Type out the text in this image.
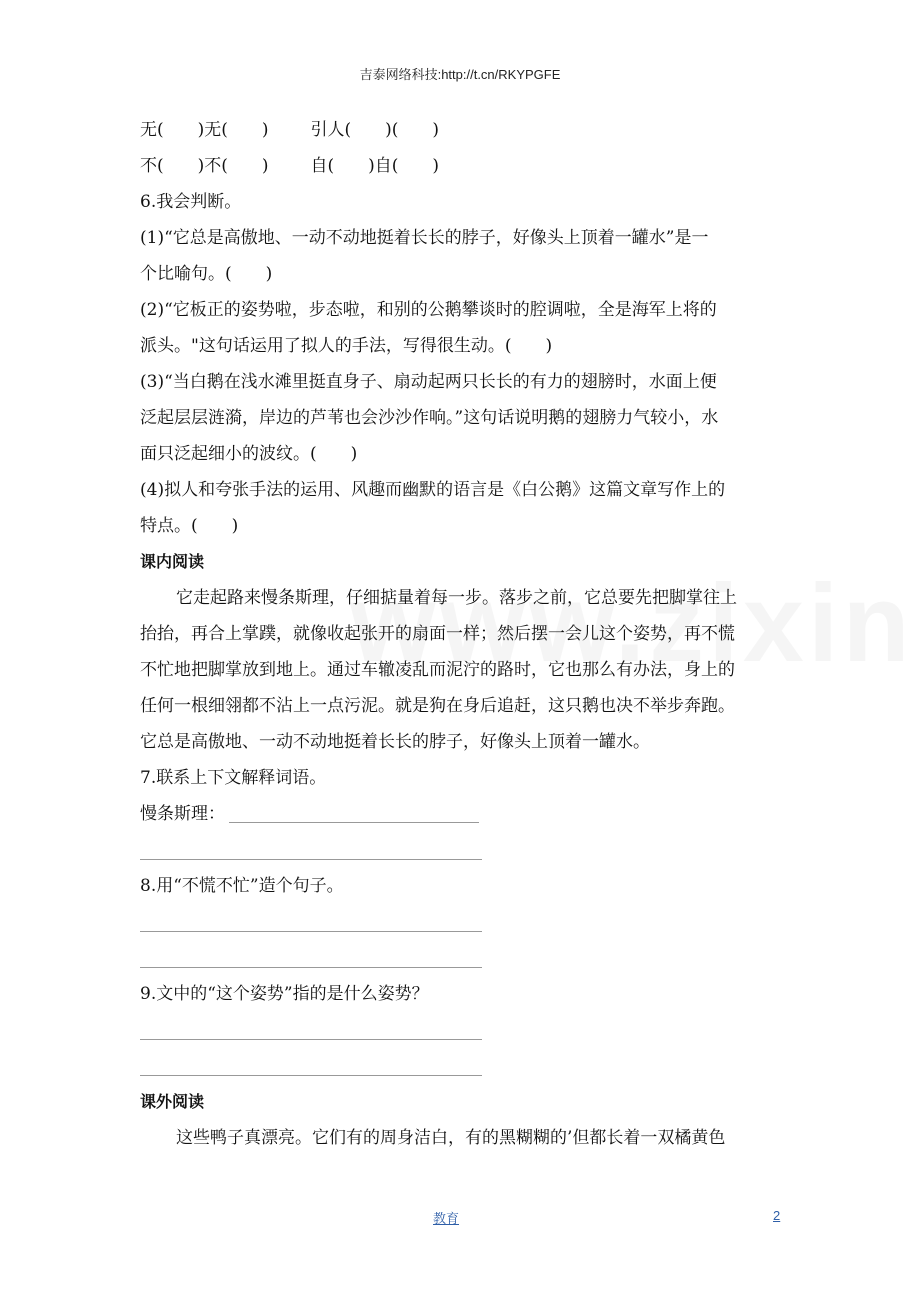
吉泰网络科技:http://t.cn/RKYPGFE
无(　　)无(　　) 引人(　　)(　　)
不(　　)不(　　) 自(　　)自(　　)
6.我会判断。
(1)“它总是高傲地、一动不动地挺着长长的脖子，好像头上顶着一罐水”是一
个比喻句。(　　)
(2)“它板正的姿势啦，步态啦，和别的公鹅攀谈时的腔调啦，全是海军上将的
派头。"这句话运用了拟人的手法，写得很生动。(　　)
(3)“当白鹅在浅水滩里挺直身子、扇动起两只长长的有力的翅膀时，水面上便
泛起层层涟漪，岸边的芦苇也会沙沙作响。”这句话说明鹅的翅膀力气较小，水
面只泛起细小的波纹。(　　)
(4)拟人和夸张手法的运用、风趣而幽默的语言是《白公鹅》这篇文章写作上的
特点。(　　)
课内阅读
它走起路来慢条斯理，仔细掂量着每一步。落步之前，它总要先把脚掌往上
抬抬，再合上掌蹼，就像收起张开的扇面一样；然后摆一会儿这个姿势，再不慌
不忙地把脚掌放到地上。通过车辙凌乱而泥泞的路时，它也那么有办法，身上的
任何一根细翎都不沾上一点污泥。就是狗在身后追赶，这只鹅也决不举步奔跑。
它总是高傲地、一动不动地挺着长长的脖子，好像头上顶着一罐水。
7.联系上下文解释词语。
慢条斯理：
8.用“不慌不忙”造个句子。
9.文中的“这个姿势”指的是什么姿势？
课外阅读
这些鸭子真漂亮。它们有的周身洁白，有的黑糊糊的’但都长着一双橘黄色
教育	2
